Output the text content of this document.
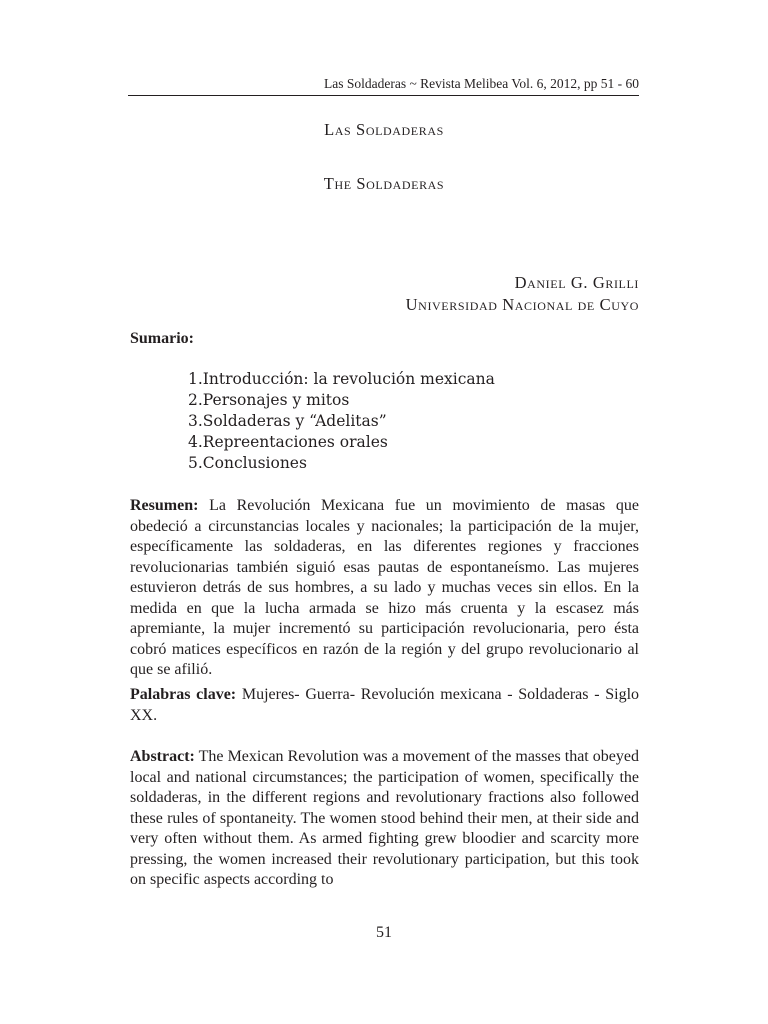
Las Soldaderas ~ Revista Melibea Vol. 6, 2012, pp 51 - 60
Las Soldaderas
The Soldaderas
Daniel G. Grilli
Universidad Nacional de Cuyo
Sumario:
1.Introducción: la revolución mexicana
2.Personajes y mitos
3.Soldaderas y “Adelitas”
4.Repreentaciones orales
5.Conclusiones

Resumen: La Revolución Mexicana fue un movimiento de masas que obedeció a circunstancias locales y nacionales; la participación de la mujer, específicamente las soldaderas, en las diferentes regiones y fracciones revolucionarias también siguió esas pautas de espontaneísmo. Las mujeres estuvieron detrás de sus hombres, a su lado y muchas veces sin ellos. En la medida en que la lucha armada se hizo más cruenta y la escasez más apremiante, la mujer incrementó su participación revolucionaria, pero ésta cobró matices específicos en razón de la región y del grupo revolucionario al que se afilió.

Palabras clave: Mujeres- Guerra- Revolución mexicana - Soldaderas - Siglo XX.

Abstract: The Mexican Revolution was a movement of the masses that obeyed local and national circumstances; the participation of women, specifically the soldaderas, in the different regions and revolutionary fractions also followed these rules of spontaneity. The women stood behind their men, at their side and very often without them. As armed fighting grew bloodier and scarcity more pressing, the women increased their revolutionary participation, but this took on specific aspects according to

51
